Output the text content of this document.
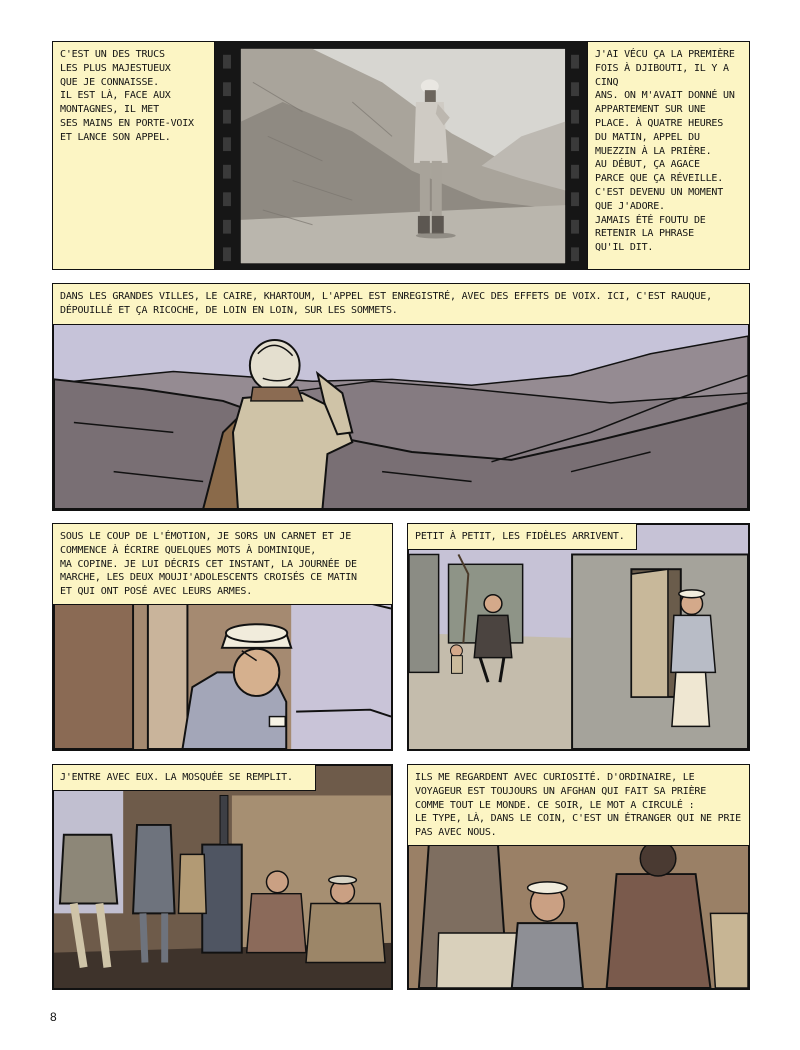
C'EST UN DES TRUCS
LES PLUS MAJESTUEUX
QUE JE CONNAISSE.
IL EST LÀ, FACE AUX
MONTAGNES, IL MET
SES MAINS EN PORTE-VOIX
ET LANCE SON APPEL.
J'AI VÉCU ÇA LA PREMIÈRE
FOIS À DJIBOUTI, IL Y A CINQ
ANS. ON M'AVAIT DONNÉ UN
APPARTEMENT SUR UNE
PLACE. À QUATRE HEURES
DU MATIN, APPEL DU
MUEZZIN À LA PRIÈRE.
AU DÉBUT, ÇA AGACE
PARCE QUE ÇA RÉVEILLE.
C'EST DEVENU UN MOMENT
QUE J'ADORE.
JAMAIS ÉTÉ FOUTU DE
RETENIR LA PHRASE
QU'IL DIT.
DANS LES GRANDES VILLES, LE CAIRE, KHARTOUM, L'APPEL EST ENREGISTRÉ, AVEC DES EFFETS DE VOIX. ICI, C'EST RAUQUE,
DÉPOUILLÉ ET ÇA RICOCHE, DE LOIN EN LOIN, SUR LES SOMMETS.
SOUS LE COUP DE L'ÉMOTION, JE SORS UN CARNET ET JE
COMMENCE À ÉCRIRE QUELQUES MOTS À DOMINIQUE,
MA COPINE. JE LUI DÉCRIS CET INSTANT, LA JOURNÉE DE
MARCHE, LES DEUX MOUJI'ADOLESCENTS CROISÉS CE MATIN
ET QUI ONT POSÉ AVEC LEURS ARMES.
PETIT À PETIT, LES FIDÈLES ARRIVENT.
J'ENTRE AVEC EUX. LA MOSQUÉE SE REMPLIT.	ILS ME REGARDENT AVEC CURIOSITÉ. D'ORDINAIRE, LE
VOYAGEUR EST TOUJOURS UN AFGHAN QUI FAIT SA PRIÈRE
COMME TOUT LE MONDE. CE SOIR, LE MOT A CIRCULÉ :
LE TYPE, LÀ, DANS LE COIN, C'EST UN ÉTRANGER QUI NE PRIE
PAS AVEC NOUS.
8
